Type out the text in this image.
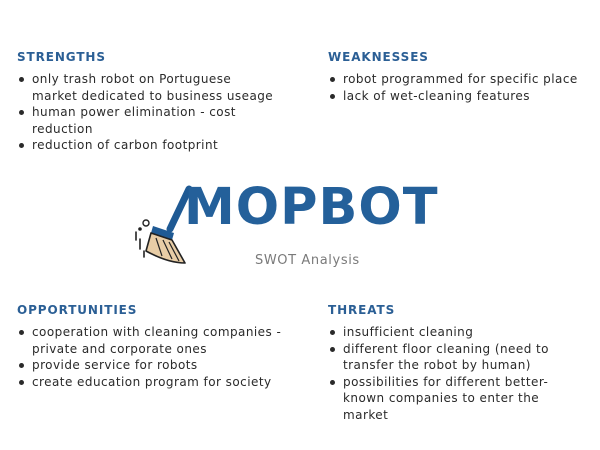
STRENGTHS
only trash robot on Portuguese market dedicated to business useage
human power elimination - cost reduction
reduction of carbon footprint
WEAKNESSES
robot programmed for specific place
lack of wet-cleaning features
MOPBOT
SWOT Analysis
OPPORTUNITIES
cooperation with cleaning companies - private and corporate ones
provide service for robots
create education program for society
THREATS
insufficient cleaning
different floor cleaning (need to transfer the robot by human)
possibilities for different better-known companies to enter the market
